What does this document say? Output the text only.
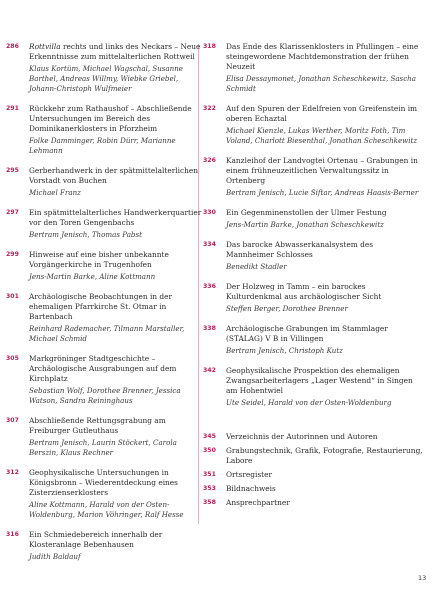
286	Rottvilla rechts und links des Neckars – Neue Erkenntnisse zum mittelalterlichen Rottweil
Klaus Kortüm, Michael Wagschal, Susanne Barthel, Andreas Willmy, Wiebke Griebel, Johann-Christoph Wulfmeier
291	Rückkehr zum Rathaushof – Abschließende Untersuchungen im Bereich des Dominikanerklosters in Pforzheim
Folke Damminger, Robin Dürr, Marianne Lehmann
295	Gerberhandwerk in der spätmittelalterlichen Vorstadt von Buchen
Michael Franz
297	Ein spätmittelalterliches Handwerkerquartier vor den Toren Gengenbachs
Bertram Jenisch, Thomas Pabst
299	Hinweise auf eine bisher unbekannte Vorgängerkirche in Trugenhofen
Jens-Martin Barke, Aline Kottmann
301	Archäologische Beobachtungen in der ehemaligen Pfarrkirche St. Otmar in Bartenbach
Reinhard Rademacher, Tilmann Marstaller, Michael Schmid
305	Markgröninger Stadtgeschichte – Archäologische Ausgrabungen auf dem Kirchplatz
Sebastian Wolf, Dorothee Brenner, Jessica Watson, Sandra Reininghaus
307	Abschließende Rettungsgrabung am Freiburger Gutleuthaus
Bertram Jenisch, Laurin Stöckert, Carola Berszin, Klaus Rechner
312	Geophysikalische Untersuchungen in Königsbronn – Wiederentdeckung eines Zisterzienserklosters
Aline Kottmann, Harald von der Osten-Woldenburg, Marion Vöhringer, Ralf Hesse
316	Ein Schmiedebereich innerhalb der Klosteranlage Bebenhausen
Judith Baldauf
318	Das Ende des Klarissenklosters in Pfullingen – eine steingewordene Machtdemonstration der frühen Neuzeit
Elisa Dessaymonet, Jonathan Scheschkewitz, Sascha Schmidt
322	Auf den Spuren der Edelfreien von Greifenstein im oberen Echaztal
Michael Kienzle, Lukas Werther, Moritz Foth, Tim Voland, Charlott Biesenthal, Jonathan Scheschkewitz
326	Kanzleihof der Landvogtei Ortenau – Grabungen in einem frühneuzeitlichen Verwaltungssitz in Ortenberg
Bertram Jenisch, Lucie Siftar, Andreas Haasis-Berner
330	Ein Gegenminenstollen der Ulmer Festung
Jens-Martin Barke, Jonathan Scheschkewitz
334	Das barocke Abwasserkanalsystem des Mannheimer Schlosses
Benedikt Stadler
336	Der Holzweg in Tamm – ein barockes Kulturdenkmal aus archäologischer Sicht
Steffen Berger, Dorothee Brenner
338	Archäologische Grabungen im Stammlager (STALAG) V B in Villingen
Bertram Jenisch, Christoph Kutz
342	Geophysikalische Prospektion des ehemaligen Zwangsarbeiterlagers „Lager Westend“ in Singen am Hohentwiel
Ute Seidel, Harald von der Osten-Woldenburg
345	Verzeichnis der Autorinnen und Autoren
350	Grabungstechnik, Grafik, Fotografie, Restaurierung, Labore
351	Ortsregister
353	Bildnachweis
358	Ansprechpartner
13
